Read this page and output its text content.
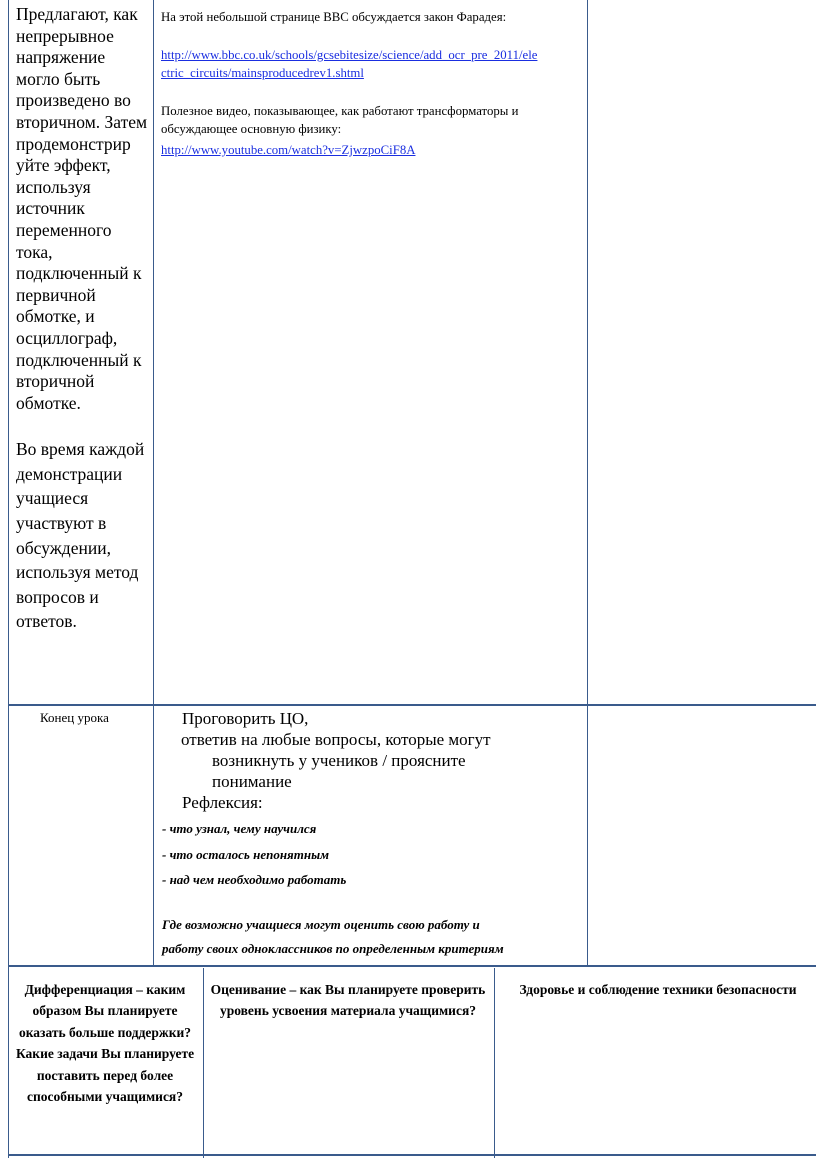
Предлагают, как непрерывное напряжение могло быть произведено во вторичном. Затем продемонстрир уйте эффект, используя источник переменного тока, подключенный к первичной обмотке, и осциллограф, подключенный к вторичной обмотке.

Во время каждой демонстрации учащиеся участвуют в обсуждении, используя метод вопросов и ответов.

На этой небольшой странице BBC обсуждается закон Фарадея:

http://www.bbc.co.uk/schools/gcsebitesize/science/add_ocr_pre_2011/ele

ctric_circuits/mainsproducedrev1.shtml

Полезное видео, показывающее, как работают трансформаторы и

обсуждающее основную физику:

http://www.youtube.com/watch?v=ZjwzpoCiF8A

Конец урока	Проговорить ЦО,

ответив на любые вопросы, которые могут

возникнуть у учеников / проясните

понимание

Рефлексия:

- что узнал, чему научился

- что осталось непонятным

- над чем необходимо работать

Где возможно учащиеся могут оценить свою работу и

работу своих одноклассников по определенным критериям

Дифференциация – каким образом Вы планируете оказать больше поддержки? Какие задачи Вы планируете поставить перед более способными учащимися?
Оценивание – как Вы планируете проверить уровень усвоения материала учащимися?
Здоровье и соблюдение техники безопасности
